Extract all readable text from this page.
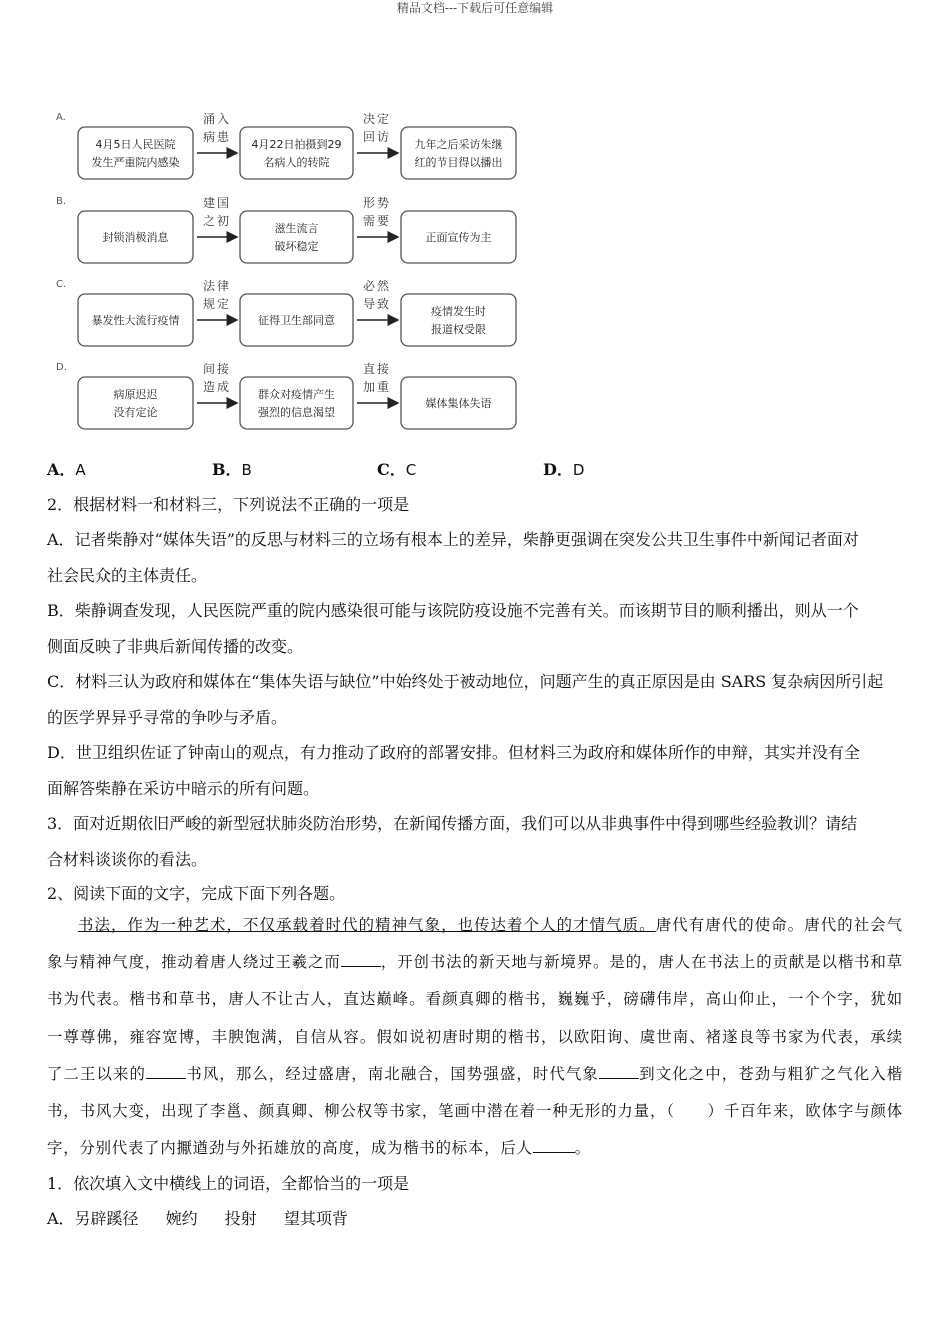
精品文档---下载后可任意编辑
A.
4月5日人民医院
发生严重院内感染
4月22日拍摄到29
名病人的转院
九年之后采访朱继
红的节目得以播出
涌入
病患
决定
回访
B.
封锁消极消息
滋生流言
破坏稳定
正面宣传为主
建国
之初
形势
需要
C.
暴发性大流行疫情	征得卫生部同意
疫情发生时
报道权受限
法律
规定
必然
导致
D.
病原迟迟
没有定论
群众对疫情产生
强烈的信息渴望
媒体集体失语
间接
造成
直接
加重
A．A	B．B	C．C	D．D
2．根据材料一和材料三，下列说法不正确的一项是
A．记者柴静对“媒体失语”的反思与材料三的立场有根本上的差异，柴静更强调在突发公共卫生事件中新闻记者面对
社会民众的主体责任。
B．柴静调查发现，人民医院严重的院内感染很可能与该院防疫设施不完善有关。而该期节目的顺利播出，则从一个
侧面反映了非典后新闻传播的改变。
C．材料三认为政府和媒体在“集体失语与缺位”中始终处于被动地位，问题产生的真正原因是由 SARS 复杂病因所引起
的医学界异乎寻常的争吵与矛盾。
D．世卫组织佐证了钟南山的观点，有力推动了政府的部署安排。但材料三为政府和媒体所作的申辩，其实并没有全
面解答柴静在采访中暗示的所有问题。
3．面对近期依旧严峻的新型冠状肺炎防治形势，在新闻传播方面，我们可以从非典事件中得到哪些经验教训？请结
合材料谈谈你的看法。
2、阅读下面的文字，完成下面下列各题。
书法，作为一种艺术，不仅承载着时代的精神气象，也传达着个人的才情气质。唐代有唐代的使命。唐代的社会气象与精神气度，推动着唐人绕过王羲之而	，开创书法的新天地与新境界。是的，唐人在书法上的贡献是以楷书和草书为代表。楷书和草书，唐人不让古人，直达巅峰。看颜真卿的楷书，巍巍乎，磅礴伟岸，高山仰止，一个个字，犹如一尊尊佛，雍容宽博，丰腴饱满，自信从容。假如说初唐时期的楷书，以欧阳询、虞世南、褚遂良等书家为代表，承续了二王以来的	书风，那么，经过盛唐，南北融合，国势强盛，时代气象	到文化之中，苍劲与粗犷之气化入楷书，书风大变，出现了李邕、颜真卿、柳公权等书家，笔画中潜在着一种无形的力量，（　　）千百年来，欧体字与颜体字，分别代表了内擫遒劲与外拓雄放的高度，成为楷书的标本，后人	。
1．依次填入文中横线上的词语，全都恰当的一项是
A．另辟蹊径 婉约 投射 望其项背
